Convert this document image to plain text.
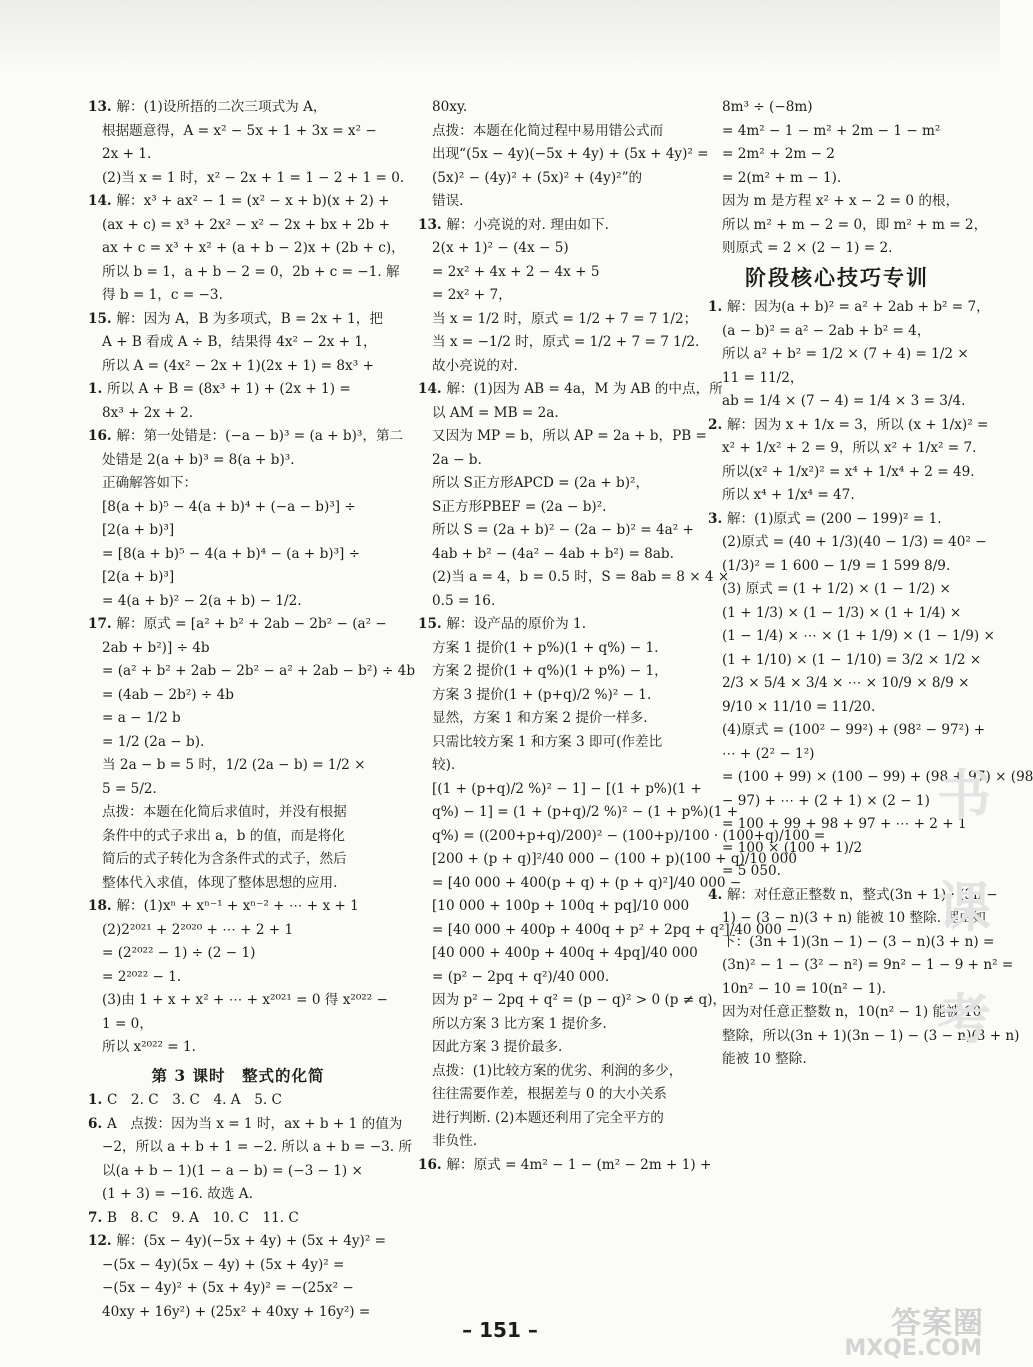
13. 解：(1)设所捂的二次三项式为 A，
根据题意得，A = x² − 5x + 1 + 3x = x² −
2x + 1.
(2)当 x = 1 时，x² − 2x + 1 = 1 − 2 + 1 = 0.
14. 解：x³ + ax² − 1 = (x² − x + b)(x + 2) +
(ax + c) = x³ + 2x² − x² − 2x + bx + 2b +
ax + c = x³ + x² + (a + b − 2)x + (2b + c)，
所以 b = 1，a + b − 2 = 0，2b + c = −1. 解
得 b = 1，c = −3.
15. 解：因为 A，B 为多项式，B = 2x + 1，把
A + B 看成 A ÷ B，结果得 4x² − 2x + 1，
所以 A = (4x² − 2x + 1)(2x + 1) = 8x³ +
1. 所以 A + B = (8x³ + 1) + (2x + 1) =
8x³ + 2x + 2.
16. 解：第一处错是：(−a − b)³ = (a + b)³，第二
处错是 2(a + b)³ = 8(a + b)³.
正确解答如下：
[8(a + b)⁵ − 4(a + b)⁴ + (−a − b)³] ÷
[2(a + b)³]
= [8(a + b)⁵ − 4(a + b)⁴ − (a + b)³] ÷
[2(a + b)³]
= 4(a + b)² − 2(a + b) − 1/2.
17. 解：原式 = [a² + b² + 2ab − 2b² − (a² −
2ab + b²)] ÷ 4b
= (a² + b² + 2ab − 2b² − a² + 2ab − b²) ÷ 4b
= (4ab − 2b²) ÷ 4b
= a − 1/2 b
= 1/2 (2a − b).
当 2a − b = 5 时，1/2 (2a − b) = 1/2 ×
5 = 5/2.
点拨：本题在化简后求值时，并没有根据
条件中的式子求出 a，b 的值，而是将化
简后的式子转化为含条件式的式子，然后
整体代入求值，体现了整体思想的应用.
18. 解：(1)xⁿ + xⁿ⁻¹ + xⁿ⁻² + ⋯ + x + 1
(2)2²⁰²¹ + 2²⁰²⁰ + ⋯ + 2 + 1
= (2²⁰²² − 1) ÷ (2 − 1)
= 2²⁰²² − 1.
(3)由 1 + x + x² + ⋯ + x²⁰²¹ = 0 得 x²⁰²² −
1 = 0，
所以 x²⁰²² = 1.
第 3 课时　整式的化简
1. C　2. C　3. C　4. A　5. C
6. A　点拨：因为当 x = 1 时，ax + b + 1 的值为
−2，所以 a + b + 1 = −2. 所以 a + b = −3. 所
以(a + b − 1)(1 − a − b) = (−3 − 1) ×
(1 + 3) = −16. 故选 A.
7. B　8. C　9. A　10. C　11. C
12. 解：(5x − 4y)(−5x + 4y) + (5x + 4y)² =
−(5x − 4y)(5x − 4y) + (5x + 4y)² =
−(5x − 4y)² + (5x + 4y)² = −(25x² −
40xy + 16y²) + (25x² + 40xy + 16y²) =
80xy.
点拨：本题在化简过程中易用错公式而
出现“(5x − 4y)(−5x + 4y) + (5x + 4y)² =
(5x)² − (4y)² + (5x)² + (4y)²”的
错误.
13. 解：小亮说的对. 理由如下.
2(x + 1)² − (4x − 5)
= 2x² + 4x + 2 − 4x + 5
= 2x² + 7，
当 x = 1/2 时，原式 = 1/2 + 7 = 7 1/2；
当 x = −1/2 时，原式 = 1/2 + 7 = 7 1/2.
故小亮说的对.
14. 解：(1)因为 AB = 4a，M 为 AB 的中点，所
以 AM = MB = 2a.
又因为 MP = b，所以 AP = 2a + b，PB =
2a − b.
所以 S正方形APCD = (2a + b)²，
S正方形PBEF = (2a − b)².
所以 S = (2a + b)² − (2a − b)² = 4a² +
4ab + b² − (4a² − 4ab + b²) = 8ab.
(2)当 a = 4，b = 0.5 时，S = 8ab = 8 × 4 ×
0.5 = 16.
15. 解：设产品的原价为 1.
方案 1 提价(1 + p%)(1 + q%) − 1.
方案 2 提价(1 + q%)(1 + p%) − 1，
方案 3 提价(1 + (p+q)/2 %)² − 1.
显然，方案 1 和方案 2 提价一样多.
只需比较方案 1 和方案 3 即可(作差比
较).
[(1 + (p+q)/2 %)² − 1] − [(1 + p%)(1 +
q%) − 1] = (1 + (p+q)/2 %)² − (1 + p%)(1 +
q%) = ((200+p+q)/200)² − (100+p)/100 · (100+q)/100 =
[200 + (p + q)]²/40 000 − (100 + p)(100 + q)/10 000
= [40 000 + 400(p + q) + (p + q)²]/40 000 −
[10 000 + 100p + 100q + pq]/10 000
= [40 000 + 400p + 400q + p² + 2pq + q²]/40 000 −
[40 000 + 400p + 400q + 4pq]/40 000
= (p² − 2pq + q²)/40 000.
因为 p² − 2pq + q² = (p − q)² > 0 (p ≠ q)，
所以方案 3 比方案 1 提价多.
因此方案 3 提价最多.
点拨：(1)比较方案的优劣、利润的多少，
往往需要作差，根据差与 0 的大小关系
进行判断. (2)本题还利用了完全平方的
非负性.
16. 解：原式 = 4m² − 1 − (m² − 2m + 1) +
8m³ ÷ (−8m)
= 4m² − 1 − m² + 2m − 1 − m²
= 2m² + 2m − 2
= 2(m² + m − 1).
因为 m 是方程 x² + x − 2 = 0 的根，
所以 m² + m − 2 = 0，即 m² + m = 2，
则原式 = 2 × (2 − 1) = 2.
阶段核心技巧专训
1. 解：因为(a + b)² = a² + 2ab + b² = 7，
(a − b)² = a² − 2ab + b² = 4，
所以 a² + b² = 1/2 × (7 + 4) = 1/2 ×
11 = 11/2，
ab = 1/4 × (7 − 4) = 1/4 × 3 = 3/4.
2. 解：因为 x + 1/x = 3，所以 (x + 1/x)² =
x² + 1/x² + 2 = 9，所以 x² + 1/x² = 7.
所以(x² + 1/x²)² = x⁴ + 1/x⁴ + 2 = 49.
所以 x⁴ + 1/x⁴ = 47.
3. 解：(1)原式 = (200 − 199)² = 1.
(2)原式 = (40 + 1/3)(40 − 1/3) = 40² −
(1/3)² = 1 600 − 1/9 = 1 599 8/9.
(3) 原式 = (1 + 1/2) × (1 − 1/2) ×
(1 + 1/3) × (1 − 1/3) × (1 + 1/4) ×
(1 − 1/4) × ⋯ × (1 + 1/9) × (1 − 1/9) ×
(1 + 1/10) × (1 − 1/10) = 3/2 × 1/2 ×
2/3 × 5/4 × 3/4 × ⋯ × 10/9 × 8/9 ×
9/10 × 11/10 = 11/20.
(4)原式 = (100² − 99²) + (98² − 97²) +
⋯ + (2² − 1²)
= (100 + 99) × (100 − 99) + (98 + 97) × (98
− 97) + ⋯ + (2 + 1) × (2 − 1)
= 100 + 99 + 98 + 97 + ⋯ + 2 + 1
= 100 × (100 + 1)/2
= 5 050.
4. 解：对任意正整数 n，整式(3n + 1) · (3n −
1) − (3 − n)(3 + n) 能被 10 整除. 理由如
下：(3n + 1)(3n − 1) − (3 − n)(3 + n) =
(3n)² − 1 − (3² − n²) = 9n² − 1 − 9 + n² =
10n² − 10 = 10(n² − 1).
因为对任意正整数 n，10(n² − 1) 能被 10
整除，所以(3n + 1)(3n − 1) − (3 − n)(3 + n)
能被 10 整除.
书课考
– 151 –	答案圈
MXQE.COM
